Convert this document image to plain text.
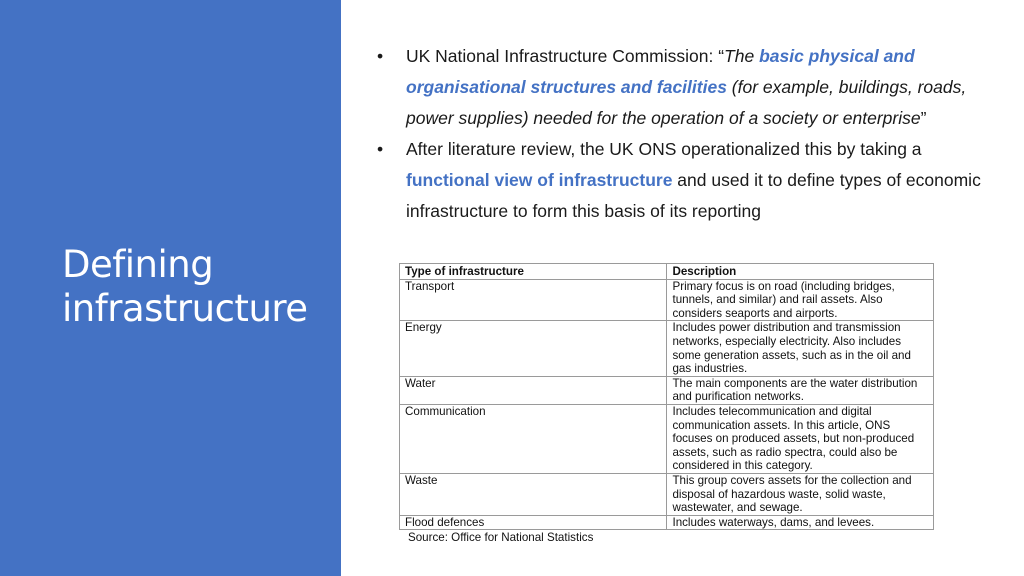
Defining
infrastructure
•	UK National Infrastructure Commission: “The basic physical and organisational structures and facilities (for example, buildings, roads, power supplies) needed for the operation of a society or enterprise”
•	After literature review, the UK ONS operationalized this by taking a functional view of infrastructure and used it to define types of economic infrastructure to form this basis of its reporting
Type of infrastructure	Description
Transport	Primary focus is on road (including bridges, tunnels, and similar) and rail assets. Also considers seaports and airports.
Energy	Includes power distribution and transmission networks, especially electricity. Also includes some generation assets, such as in the oil and gas industries.
Water	The main components are the water distribution and purification networks.
Communication	Includes telecommunication and digital communication assets. In this article, ONS focuses on produced assets, but non-produced assets, such as radio spectra, could also be considered in this category.
Waste	This group covers assets for the collection and disposal of hazardous waste, solid waste, wastewater, and sewage.
Flood defences	Includes waterways, dams, and levees.
Source: Office for National Statistics
